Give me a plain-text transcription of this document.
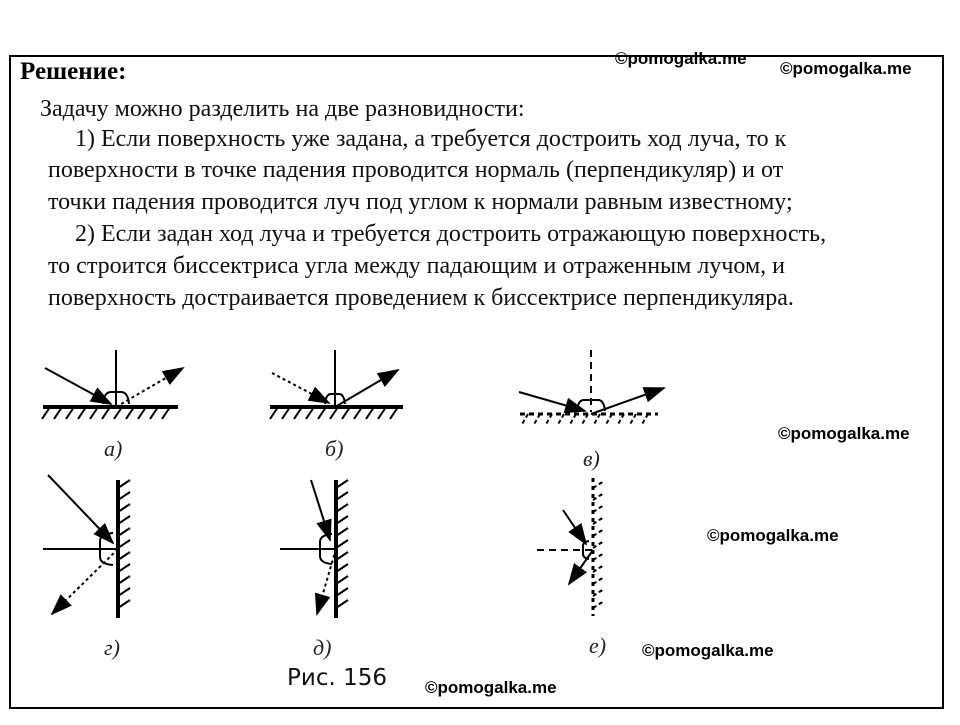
Решение:
Задачу можно разделить на две разновидности:
1) Если поверхность уже задана, а требуется достроить ход луча, то к
поверхности в точке падения проводится нормаль (перпендикуляр) и от
точки падения проводится луч под углом к нормали равным известному;
2) Если задан ход луча и требуется достроить отражающую поверхность,
то строится биссектриса угла между падающим и отраженным лучом, и
поверхность достраивается проведением к биссектрисе перпендикуляра.
©pomogalka.me
©pomogalka.me
©pomogalka.me
©pomogalka.me
©pomogalka.me
©pomogalka.me
а)	б)	в)
г)	д)	е)
Рис. 156
